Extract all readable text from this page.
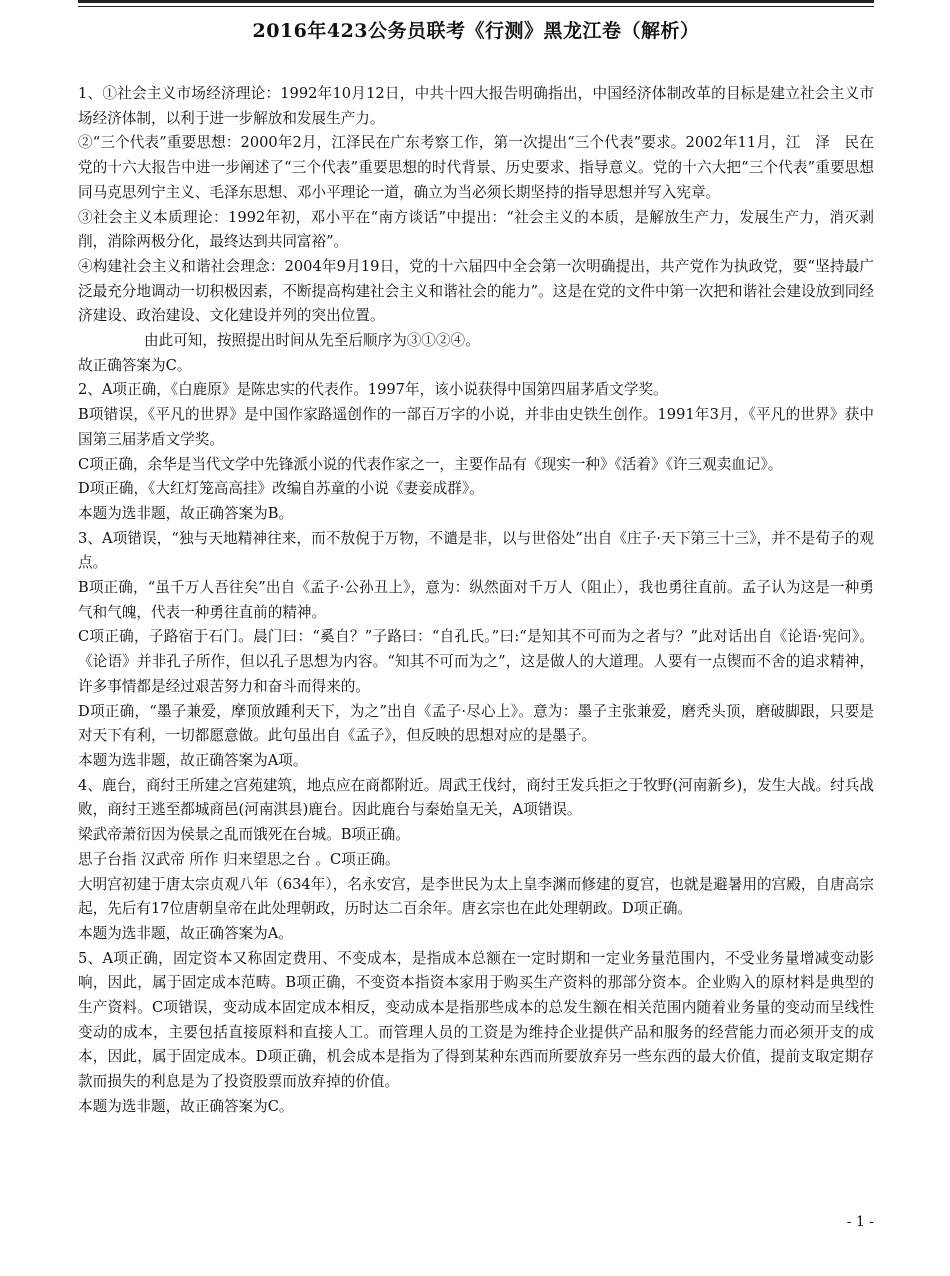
2016年423公务员联考《行测》黑龙江卷（解析）

1、①社会主义市场经济理论：1992年10月12日，中共十四大报告明确指出，中国经济体制改革的目标是建立社会主义市场经济体制，以利于进一步解放和发展生产力。

②“三个代表”重要思想：2000年2月，江泽民在广东考察工作，第一次提出“三个代表”要求。2002年11月，江　泽　民在党的十六大报告中进一步阐述了“三个代表”重要思想的时代背景、历史要求、指导意义。党的十六大把“三个代表”重要思想同马克思列宁主义、毛泽东思想、邓小平理论一道，确立为当必须长期坚持的指导思想并写入宪章。

③社会主义本质理论：1992年初，邓小平在“南方谈话”中提出：“社会主义的本质，是解放生产力，发展生产力，消灭剥削，消除两极分化，最终达到共同富裕”。

④构建社会主义和谐社会理念：2004年9月19日，党的十六届四中全会第一次明确提出，共产党作为执政党，要“坚持最广泛最充分地调动一切积极因素，不断提高构建社会主义和谐社会的能力”。这是在党的文件中第一次把和谐社会建设放到同经济建设、政治建设、文化建设并列的突出位置。

由此可知，按照提出时间从先至后顺序为③①②④。

故正确答案为C。

2、A项正确，《白鹿原》是陈忠实的代表作。1997年，该小说获得中国第四届茅盾文学奖。

B项错误，《平凡的世界》是中国作家路遥创作的一部百万字的小说，并非由史铁生创作。1991年3月，《平凡的世界》获中国第三届茅盾文学奖。

C项正确，余华是当代文学中先锋派小说的代表作家之一，主要作品有《现实一种》《活着》《许三观卖血记》。

D项正确，《大红灯笼高高挂》改编自苏童的小说《妻妾成群》。

本题为选非题，故正确答案为B。

3、A项错误，“独与天地精神往来，而不敖倪于万物，不谴是非，以与世俗处”出自《庄子·天下第三十三》，并不是荀子的观点。

B项正确，“虽千万人吾往矣”出自《孟子·公孙丑上》，意为：纵然面对千万人（阻止），我也勇往直前。孟子认为这是一种勇气和气魄，代表一种勇往直前的精神。

C项正确，子路宿于石门。晨门曰：“奚自？”子路曰：“自孔氏。”曰:“是知其不可而为之者与？”此对话出自《论语·宪问》。《论语》并非孔子所作，但以孔子思想为内容。“知其不可而为之”，这是做人的大道理。人要有一点锲而不舍的追求精神，许多事情都是经过艰苦努力和奋斗而得来的。

D项正确，“墨子兼爱，摩顶放踵利天下，为之”出自《孟子·尽心上》。意为：墨子主张兼爱，磨秃头顶，磨破脚跟，只要是对天下有利，一切都愿意做。此句虽出自《孟子》，但反映的思想对应的是墨子。

本题为选非题，故正确答案为A项。

4、鹿台，商纣王所建之宫苑建筑，地点应在商都附近。周武王伐纣，商纣王发兵拒之于牧野(河南新乡)，发生大战。纣兵战败，商纣王逃至都城商邑(河南淇县)鹿台。因此鹿台与秦始皇无关，A项错误。

梁武帝萧衍因为侯景之乱而饿死在台城。B项正确。

思子台指 汉武帝 所作 归来望思之台 。C项正确。

大明宫初建于唐太宗贞观八年（634年），名永安宫，是李世民为太上皇李渊而修建的夏宫，也就是避暑用的宫殿，自唐高宗起，先后有17位唐朝皇帝在此处理朝政，历时达二百余年。唐玄宗也在此处理朝政。D项正确。

本题为选非题，故正确答案为A。

5、A项正确，固定资本又称固定费用、不变成本，是指成本总额在一定时期和一定业务量范围内，不受业务量增减变动影响，因此，属于固定成本范畴。B项正确，不变资本指资本家用于购买生产资料的那部分资本。企业购入的原材料是典型的生产资料。C项错误，变动成本固定成本相反，变动成本是指那些成本的总发生额在相关范围内随着业务量的变动而呈线性变动的成本，主要包括直接原料和直接人工。而管理人员的工资是为维持企业提供产品和服务的经营能力而必须开支的成本，因此，属于固定成本。D项正确，机会成本是指为了得到某种东西而所要放弃另一些东西的最大价值，提前支取定期存款而损失的利息是为了投资股票而放弃掉的价值。

本题为选非题，故正确答案为C。

- 1 -
